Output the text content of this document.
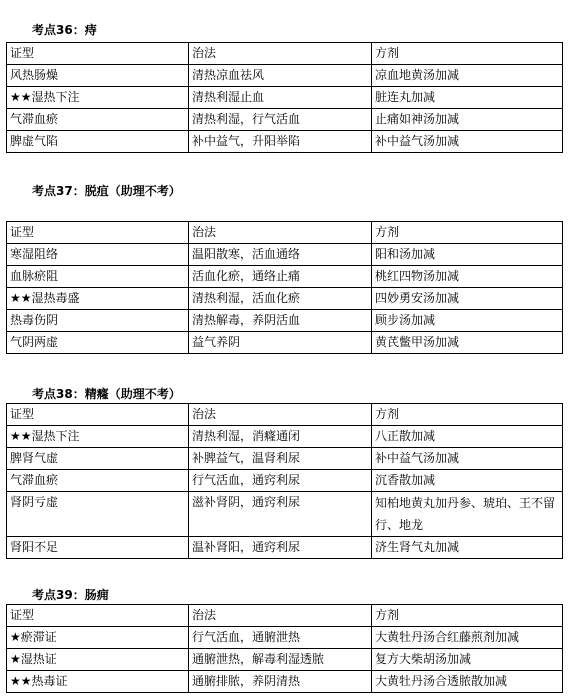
考点36：痔
证型	治法	方剂
风热肠燥	清热凉血祛风	凉血地黄汤加减
★★湿热下注	清热利湿止血	脏连丸加减
气滞血瘀	清热利湿，行气活血	止痛如神汤加减
脾虚气陷	补中益气，升阳举陷	补中益气汤加减
考点37：脱疽（助理不考）
证型	治法	方剂
寒湿阻络	温阳散寒，活血通络	阳和汤加减
血脉瘀阻	活血化瘀，通络止痛	桃红四物汤加减
★★湿热毒盛	清热利湿，活血化瘀	四妙勇安汤加减
热毒伤阴	清热解毒，养阴活血	顾步汤加减
气阴两虚	益气养阴	黄芪鳖甲汤加减
考点38：精癃（助理不考）
证型	治法	方剂
★★湿热下注	清热利湿，消癃通闭	八正散加减
脾肾气虚	补脾益气，温肾利尿	补中益气汤加减
气滞血瘀	行气活血，通窍利尿	沉香散加减
肾阴亏虚	滋补肾阴，通窍利尿	知柏地黄丸加丹参、琥珀、王不留行、地龙
肾阳不足	温补肾阳，通窍利尿	济生肾气丸加减
考点39：肠痈
证型	治法	方剂
★瘀滞证	行气活血，通腑泄热	大黄牡丹汤合红藤煎剂加减
★湿热证	通腑泄热，解毒利湿透脓	复方大柴胡汤加减
★★热毒证	通腑排脓，养阴清热	大黄牡丹汤合透脓散加减
